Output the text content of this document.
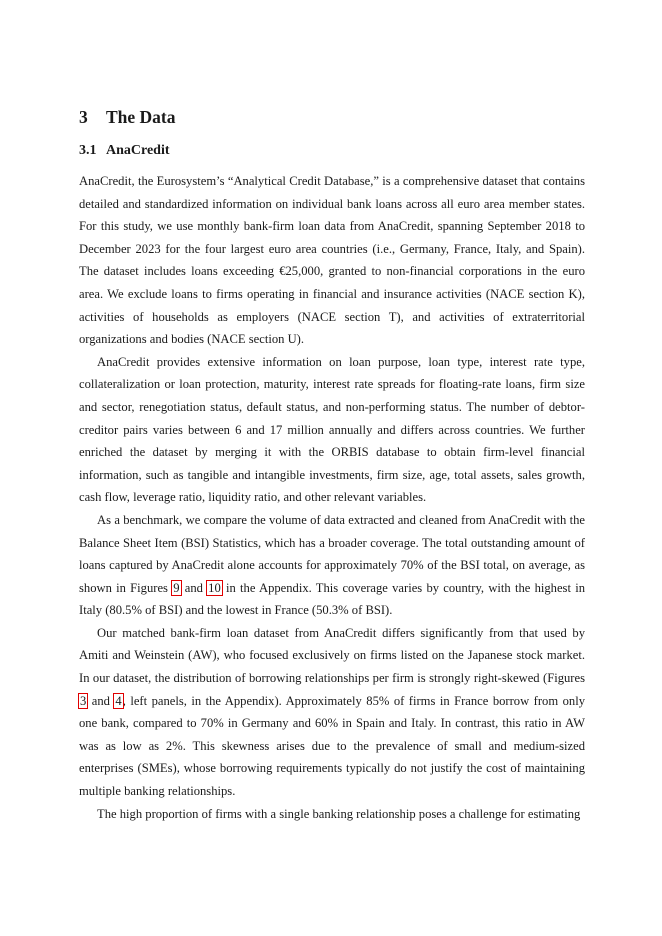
3 The Data
3.1 AnaCredit

AnaCredit, the Eurosystem’s “Analytical Credit Database,” is a comprehensive dataset that contains detailed and standardized information on individual bank loans across all euro area member states. For this study, we use monthly bank-firm loan data from AnaCredit, spanning September 2018 to December 2023 for the four largest euro area countries (i.e., Germany, France, Italy, and Spain). The dataset includes loans exceeding €25,000, granted to non-financial corporations in the euro area. We exclude loans to firms operating in financial and insurance activities (NACE section K), activities of households as employers (NACE section T), and activities of extraterritorial organizations and bodies (NACE section U).

AnaCredit provides extensive information on loan purpose, loan type, interest rate type, collateralization or loan protection, maturity, interest rate spreads for floating-rate loans, firm size and sector, renegotiation status, default status, and non-performing status. The number of debtor-creditor pairs varies between 6 and 17 million annually and differs across countries. We further enriched the dataset by merging it with the ORBIS database to obtain firm-level financial information, such as tangible and intangible investments, firm size, age, total assets, sales growth, cash flow, leverage ratio, liquidity ratio, and other relevant variables.

As a benchmark, we compare the volume of data extracted and cleaned from AnaCredit with the Balance Sheet Item (BSI) Statistics, which has a broader coverage. The total outstanding amount of loans captured by AnaCredit alone accounts for approximately 70% of the BSI total, on average, as shown in Figures 9 and 10 in the Appendix. This coverage varies by country, with the highest in Italy (80.5% of BSI) and the lowest in France (50.3% of BSI).

Our matched bank-firm loan dataset from AnaCredit differs significantly from that used by Amiti and Weinstein (AW), who focused exclusively on firms listed on the Japanese stock market. In our dataset, the distribution of borrowing relationships per firm is strongly right-skewed (Figures 3 and 4, left panels, in the Appendix). Approximately 85% of firms in France borrow from only one bank, compared to 70% in Germany and 60% in Spain and Italy. In contrast, this ratio in AW was as low as 2%. This skewness arises due to the prevalence of small and medium-sized enterprises (SMEs), whose borrowing requirements typically do not justify the cost of maintaining multiple banking relationships.

The high proportion of firms with a single banking relationship poses a challenge for estimating
